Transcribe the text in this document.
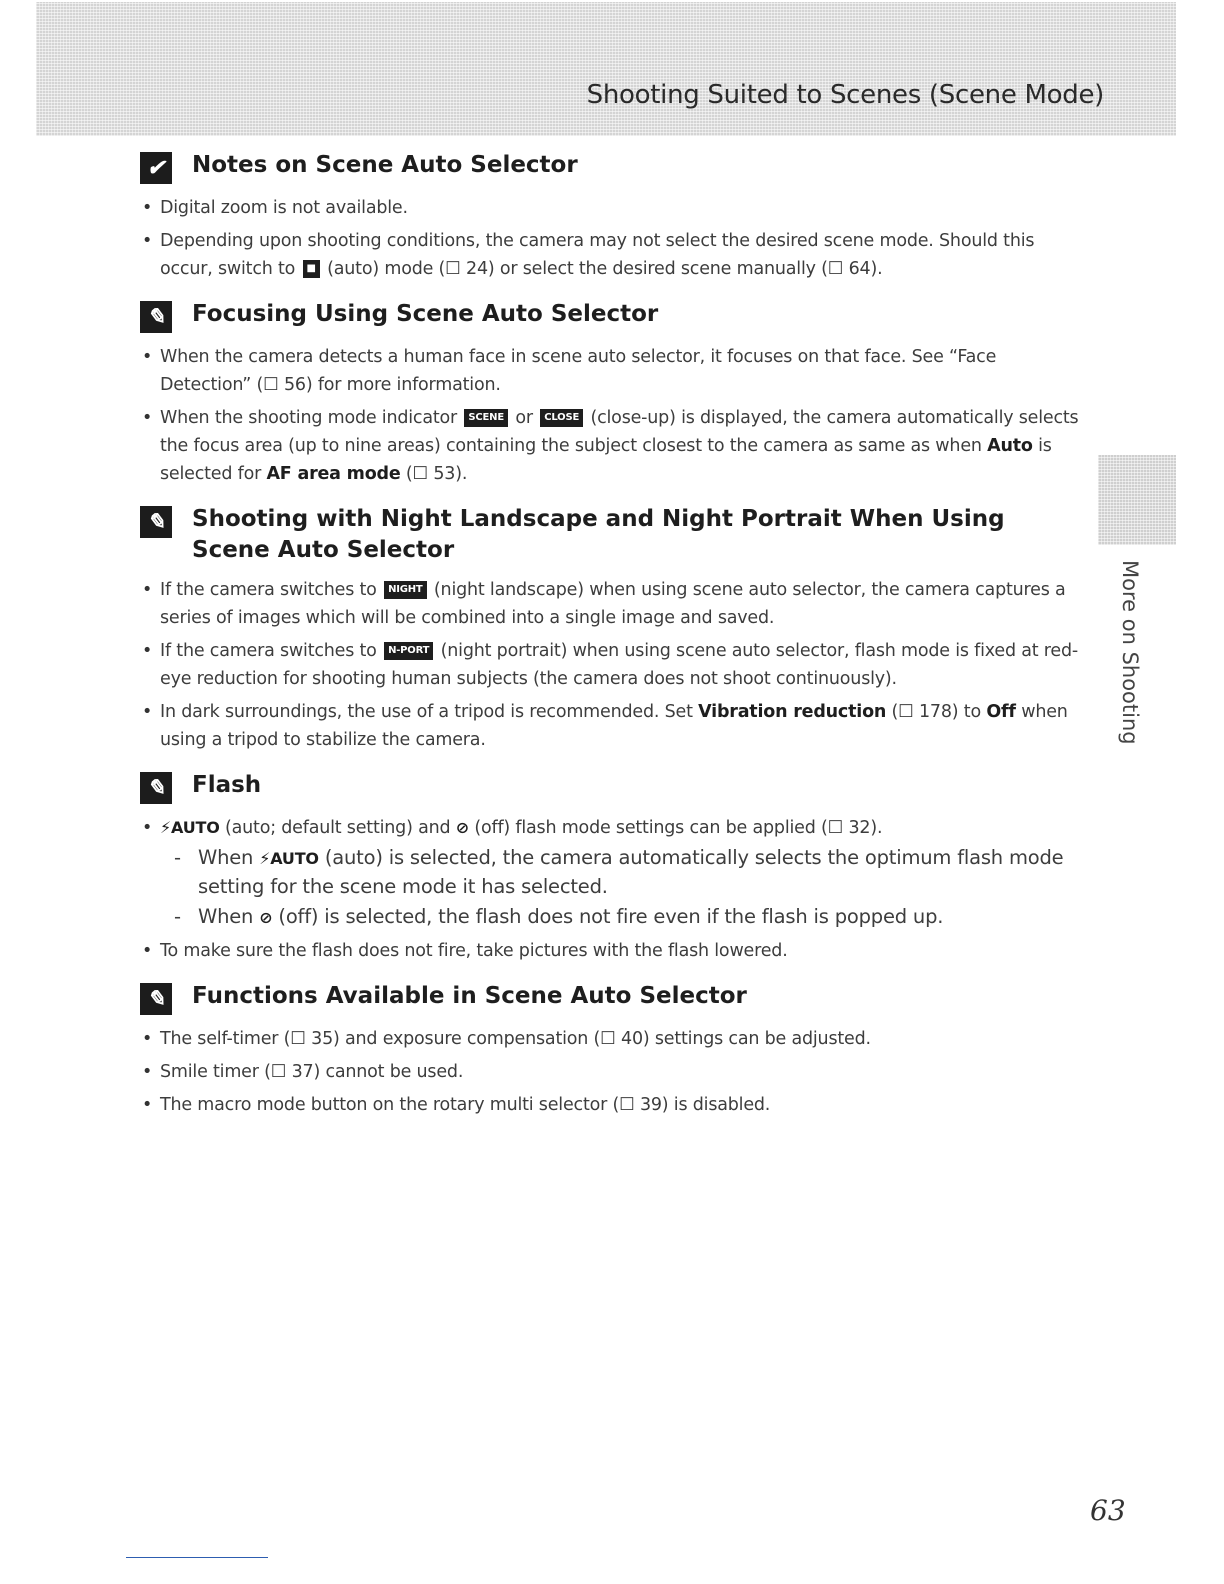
Shooting Suited to Scenes (Scene Mode)
More on Shooting
✔ Notes on Scene Auto Selector
• Digital zoom is not available.
• Depending upon shooting conditions, the camera may not select the desired scene mode. Should this occur, switch to ■ (auto) mode (☐ 24) or select the desired scene manually (☐ 64).
✎ Focusing Using Scene Auto Selector
• When the camera detects a human face in scene auto selector, it focuses on that face. See “Face Detection” (☐ 56) for more information.
• When the shooting mode indicator SCENE or CLOSE (close-up) is displayed, the camera automatically selects the focus area (up to nine areas) containing the subject closest to the camera as same as when Auto is selected for AF area mode (☐ 53).
✎ Shooting with Night Landscape and Night Portrait When Using Scene Auto Selector
• If the camera switches to NIGHT (night landscape) when using scene auto selector, the camera captures a series of images which will be combined into a single image and saved.
• If the camera switches to N-PORT (night portrait) when using scene auto selector, flash mode is fixed at red-eye reduction for shooting human subjects (the camera does not shoot continuously).
• In dark surroundings, the use of a tripod is recommended. Set Vibration reduction (☐ 178) to Off when using a tripod to stabilize the camera.
✎ Flash
• ⚡AUTO (auto; default setting) and ⊘ (off) flash mode settings can be applied (☐ 32).
- When ⚡AUTO (auto) is selected, the camera automatically selects the optimum flash mode setting for the scene mode it has selected.
- When ⊘ (off) is selected, the flash does not fire even if the flash is popped up.
• To make sure the flash does not fire, take pictures with the flash lowered.
✎ Functions Available in Scene Auto Selector
• The self-timer (☐ 35) and exposure compensation (☐ 40) settings can be adjusted.
• Smile timer (☐ 37) cannot be used.
• The macro mode button on the rotary multi selector (☐ 39) is disabled.
63
